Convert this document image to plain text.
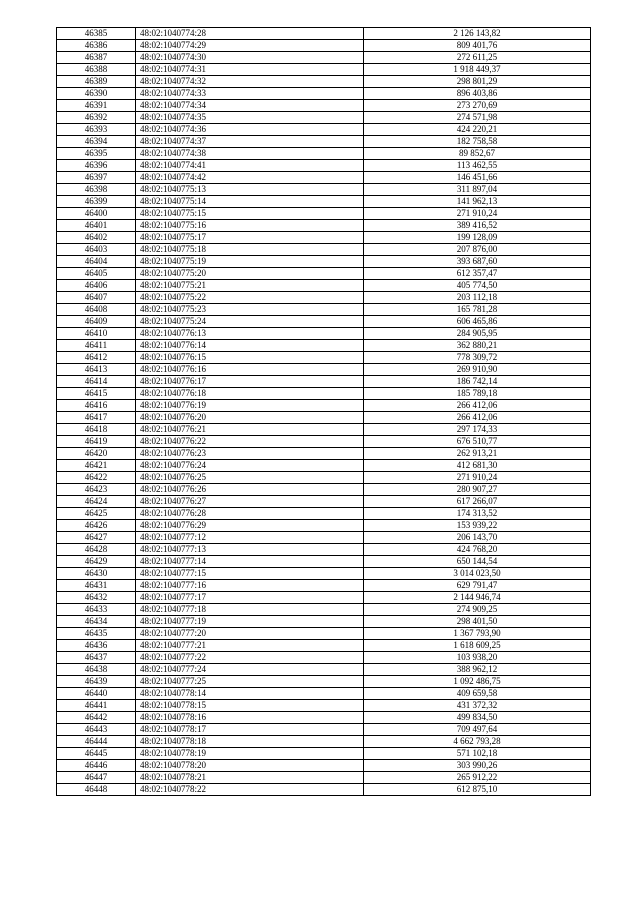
46385	48:02:1040774:28	2 126 143,82
46386	48:02:1040774:29	809 401,76
46387	48:02:1040774:30	272 611,25
46388	48:02:1040774:31	1 918 449,37
46389	48:02:1040774:32	298 801,29
46390	48:02:1040774:33	896 403,86
46391	48:02:1040774:34	273 270,69
46392	48:02:1040774:35	274 571,98
46393	48:02:1040774:36	424 220,21
46394	48:02:1040774:37	182 758,58
46395	48:02:1040774:38	89 852,67
46396	48:02:1040774:41	113 462,55
46397	48:02:1040774:42	146 451,66
46398	48:02:1040775:13	311 897,04
46399	48:02:1040775:14	141 962,13
46400	48:02:1040775:15	271 910,24
46401	48:02:1040775:16	389 416,52
46402	48:02:1040775:17	199 128,09
46403	48:02:1040775:18	207 876,00
46404	48:02:1040775:19	393 687,60
46405	48:02:1040775:20	612 357,47
46406	48:02:1040775:21	405 774,50
46407	48:02:1040775:22	203 112,18
46408	48:02:1040775:23	165 781,28
46409	48:02:1040775:24	606 465,86
46410	48:02:1040776:13	284 905,95
46411	48:02:1040776:14	362 880,21
46412	48:02:1040776:15	778 309,72
46413	48:02:1040776:16	269 910,90
46414	48:02:1040776:17	186 742,14
46415	48:02:1040776:18	185 789,18
46416	48:02:1040776:19	266 412,06
46417	48:02:1040776:20	266 412,06
46418	48:02:1040776:21	297 174,33
46419	48:02:1040776:22	676 510,77
46420	48:02:1040776:23	262 913,21
46421	48:02:1040776:24	412 681,30
46422	48:02:1040776:25	271 910,24
46423	48:02:1040776:26	280 907,27
46424	48:02:1040776:27	617 266,07
46425	48:02:1040776:28	174 313,52
46426	48:02:1040776:29	153 939,22
46427	48:02:1040777:12	206 143,70
46428	48:02:1040777:13	424 768,20
46429	48:02:1040777:14	650 144,54
46430	48:02:1040777:15	3 014 023,50
46431	48:02:1040777:16	629 791,47
46432	48:02:1040777:17	2 144 946,74
46433	48:02:1040777:18	274 909,25
46434	48:02:1040777:19	298 401,50
46435	48:02:1040777:20	1 367 793,90
46436	48:02:1040777:21	1 618 609,25
46437	48:02:1040777:22	103 938,20
46438	48:02:1040777:24	388 962,12
46439	48:02:1040777:25	1 092 486,75
46440	48:02:1040778:14	409 659,58
46441	48:02:1040778:15	431 372,32
46442	48:02:1040778:16	499 834,50
46443	48:02:1040778:17	709 497,64
46444	48:02:1040778:18	4 662 793,28
46445	48:02:1040778:19	571 102,18
46446	48:02:1040778:20	303 990,26
46447	48:02:1040778:21	265 912,22
46448	48:02:1040778:22	612 875,10
